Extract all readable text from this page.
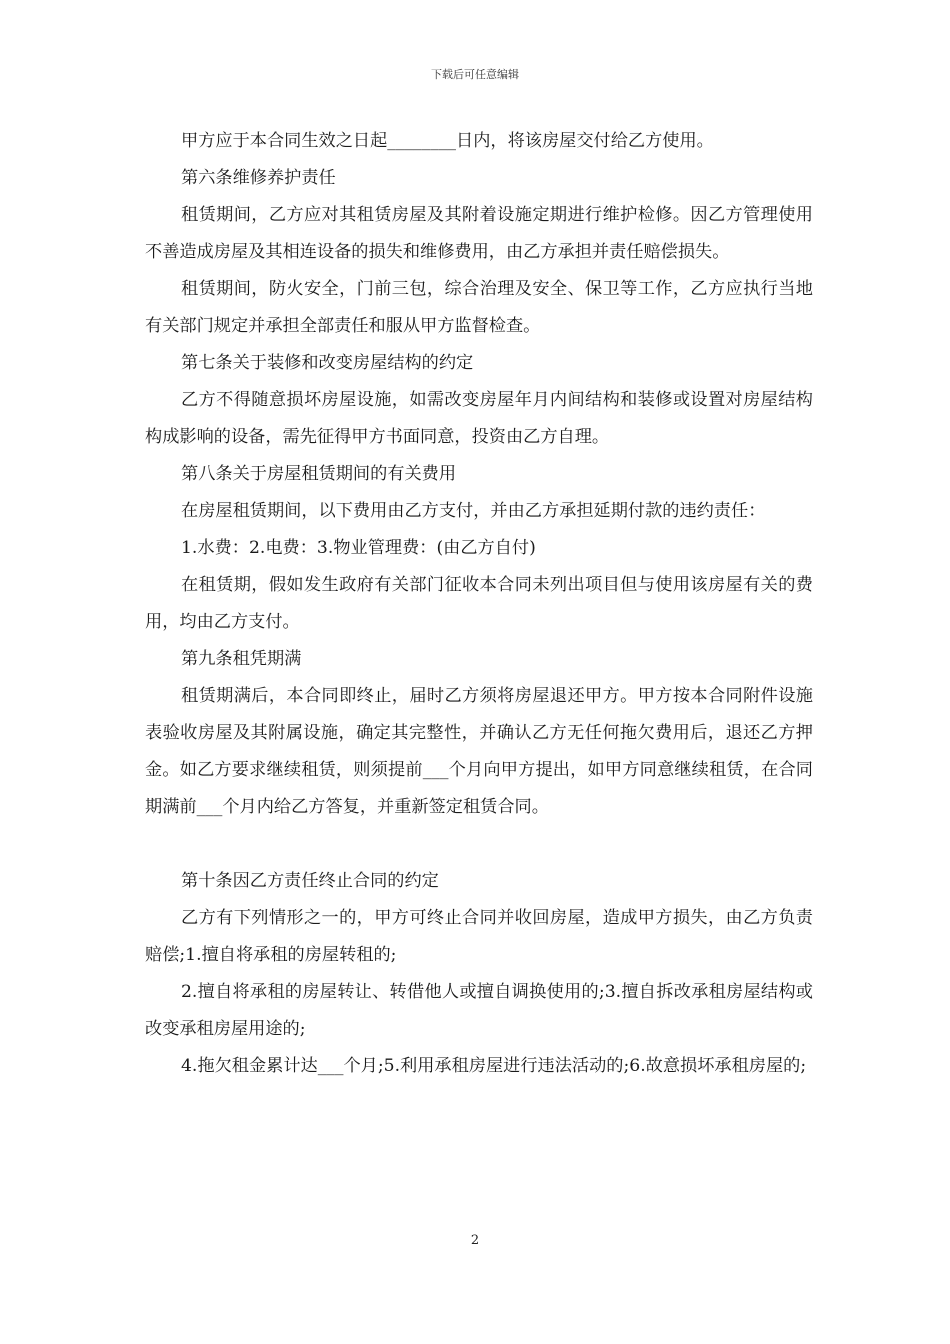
下载后可任意编辑

甲方应于本合同生效之日起________日内，将该房屋交付给乙方使用。

第六条维修养护责任

租赁期间，乙方应对其租赁房屋及其附着设施定期进行维护检修。因乙方管理使用不善造成房屋及其相连设备的损失和维修费用，由乙方承担并责任赔偿损失。

租赁期间，防火安全，门前三包，综合治理及安全、保卫等工作，乙方应执行当地有关部门规定并承担全部责任和服从甲方监督检查。

第七条关于装修和改变房屋结构的约定

乙方不得随意损坏房屋设施，如需改变房屋年月内间结构和装修或设置对房屋结构构成影响的设备，需先征得甲方书面同意，投资由乙方自理。

第八条关于房屋租赁期间的有关费用

在房屋租赁期间，以下费用由乙方支付，并由乙方承担延期付款的违约责任：

1.水费：2.电费：3.物业管理费：(由乙方自付)

在租赁期，假如发生政府有关部门征收本合同未列出项目但与使用该房屋有关的费用，均由乙方支付。

第九条租凭期满

租赁期满后，本合同即终止，届时乙方须将房屋退还甲方。甲方按本合同附件设施表验收房屋及其附属设施，确定其完整性，并确认乙方无任何拖欠费用后，退还乙方押金。如乙方要求继续租赁，则须提前___个月向甲方提出，如甲方同意继续租赁，在合同期满前___个月内给乙方答复，并重新签定租赁合同。

第十条因乙方责任终止合同的约定

乙方有下列情形之一的，甲方可终止合同并收回房屋，造成甲方损失，由乙方负责赔偿;1.擅自将承租的房屋转租的;

2.擅自将承租的房屋转让、转借他人或擅自调换使用的;3.擅自拆改承租房屋结构或改变承租房屋用途的;

4.拖欠租金累计达___个月;5.利用承租房屋进行违法活动的;6.故意损坏承租房屋的;

2
